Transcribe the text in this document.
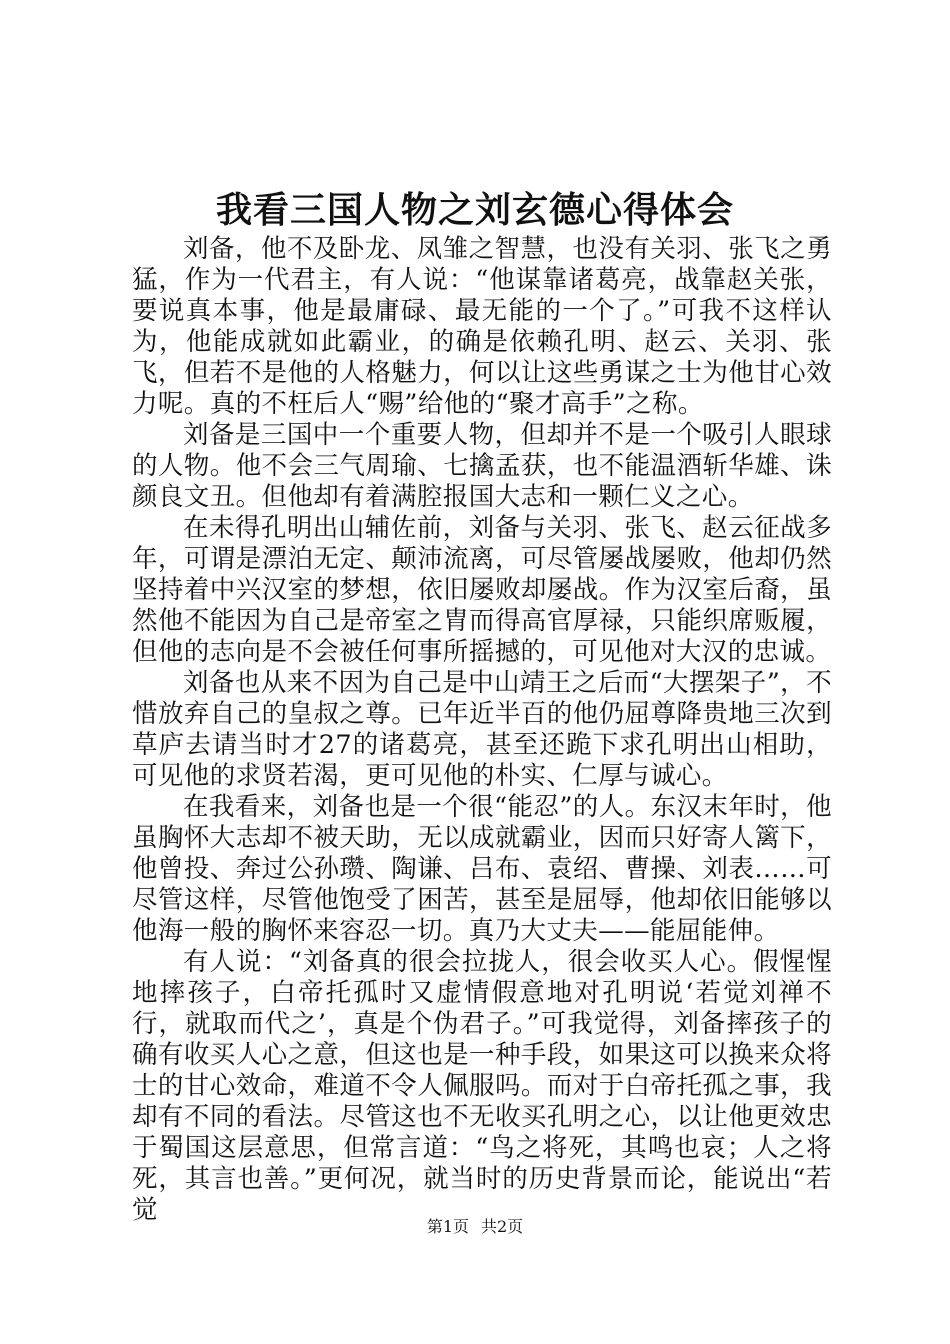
我看三国人物之刘玄德心得体会

刘备，他不及卧龙、凤雏之智慧，也没有关羽、张飞之勇猛，作为一代君主，有人说：“他谋靠诸葛亮，战靠赵关张，要说真本事，他是最庸碌、最无能的一个了。”可我不这样认为，他能成就如此霸业，的确是依赖孔明、赵云、关羽、张飞，但若不是他的人格魅力，何以让这些勇谋之士为他甘心效力呢。真的不枉后人“赐”给他的“聚才高手”之称。

刘备是三国中一个重要人物，但却并不是一个吸引人眼球的人物。他不会三气周瑜、七擒孟获，也不能温酒斩华雄、诛颜良文丑。但他却有着满腔报国大志和一颗仁义之心。

在未得孔明出山辅佐前，刘备与关羽、张飞、赵云征战多年，可谓是漂泊无定、颠沛流离，可尽管屡战屡败，他却仍然坚持着中兴汉室的梦想，依旧屡败却屡战。作为汉室后裔，虽然他不能因为自己是帝室之胄而得高官厚禄，只能织席贩履，但他的志向是不会被任何事所摇撼的，可见他对大汉的忠诚。

刘备也从来不因为自己是中山靖王之后而“大摆架子”，不惜放弃自己的皇叔之尊。已年近半百的他仍屈尊降贵地三次到草庐去请当时才27的诸葛亮，甚至还跪下求孔明出山相助，可见他的求贤若渴，更可见他的朴实、仁厚与诚心。

在我看来，刘备也是一个很“能忍”的人。东汉末年时，他虽胸怀大志却不被天助，无以成就霸业，因而只好寄人篱下，他曾投、奔过公孙瓒、陶谦、吕布、袁绍、曹操、刘表……可尽管这样，尽管他饱受了困苦，甚至是屈辱，他却依旧能够以他海一般的胸怀来容忍一切。真乃大丈夫——能屈能伸。

有人说：“刘备真的很会拉拢人，很会收买人心。假惺惺地摔孩子，白帝托孤时又虚情假意地对孔明说‘若觉刘禅不行，就取而代之’，真是个伪君子。”可我觉得，刘备摔孩子的确有收买人心之意，但这也是一种手段，如果这可以换来众将士的甘心效命，难道不令人佩服吗。而对于白帝托孤之事，我却有不同的看法。尽管这也不无收买孔明之心，以让他更效忠于蜀国这层意思，但常言道：“鸟之将死，其鸣也哀；人之将死，其言也善。”更何况，就当时的历史背景而论，能说出“若觉

第1页 共2页
